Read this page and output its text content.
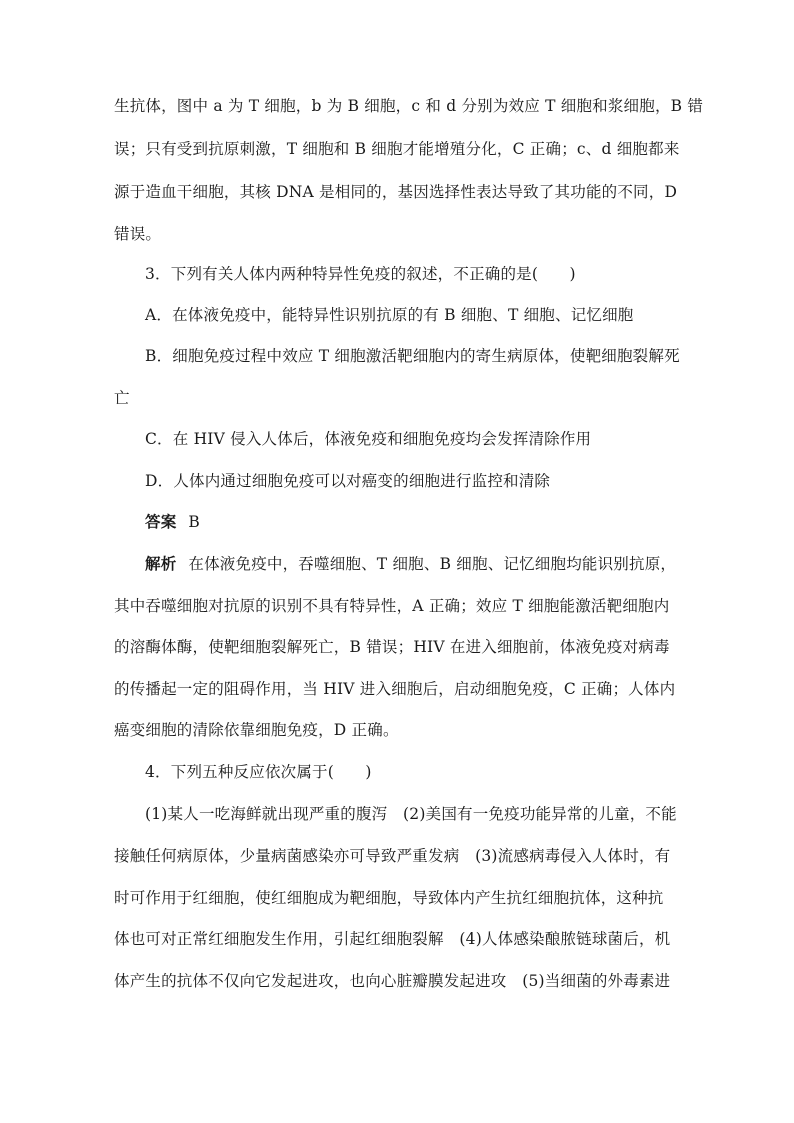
生抗体，图中 a 为 T 细胞，b 为 B 细胞，c 和 d 分别为效应 T 细胞和浆细胞，B 错
误；只有受到抗原刺激，T 细胞和 B 细胞才能增殖分化，C 正确；c、d 细胞都来
源于造血干细胞，其核 DNA 是相同的，基因选择性表达导致了其功能的不同，D
错误。
3．下列有关人体内两种特异性免疫的叙述，不正确的是(　　)
A．在体液免疫中，能特异性识别抗原的有 B 细胞、T 细胞、记忆细胞
B．细胞免疫过程中效应 T 细胞激活靶细胞内的寄生病原体，使靶细胞裂解死
亡
C．在 HIV 侵入人体后，体液免疫和细胞免疫均会发挥清除作用
D．人体内通过细胞免疫可以对癌变的细胞进行监控和清除
答案 B
解析 在体液免疫中，吞噬细胞、T 细胞、B 细胞、记忆细胞均能识别抗原，
其中吞噬细胞对抗原的识别不具有特异性，A 正确；效应 T 细胞能激活靶细胞内
的溶酶体酶，使靶细胞裂解死亡，B 错误；HIV 在进入细胞前，体液免疫对病毒
的传播起一定的阻碍作用，当 HIV 进入细胞后，启动细胞免疫，C 正确；人体内
癌变细胞的清除依靠细胞免疫，D 正确。
4．下列五种反应依次属于(　　)
(1)某人一吃海鲜就出现严重的腹泻　(2)美国有一免疫功能异常的儿童，不能
接触任何病原体，少量病菌感染亦可导致严重发病　(3)流感病毒侵入人体时，有
时可作用于红细胞，使红细胞成为靶细胞，导致体内产生抗红细胞抗体，这种抗
体也可对正常红细胞发生作用，引起红细胞裂解　(4)人体感染酿脓链球菌后，机
体产生的抗体不仅向它发起进攻，也向心脏瓣膜发起进攻　(5)当细菌的外毒素进
